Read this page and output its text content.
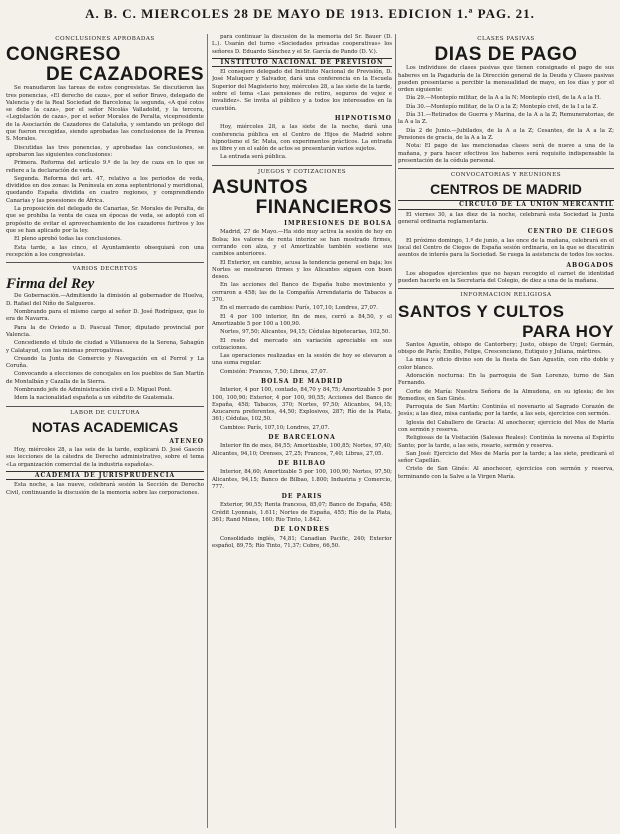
A. B. C. MIERCOLES 28 DE MAYO DE 1913. EDICION 1.ª PAG. 21.
CONCLUSIONES APROBADAS
CONGRESO
DE CAZADORES

Se reanudaron las tareas de estos congresistas. Se discutieron las tres ponencias, «El derecho de caza», por el señor Bravo, delegado de Valencia y de la Real Sociedad de Barcelona; la segunda, «A qué cotos se debe la caza», por el señor Nicolás Valladolid, y la tercera, «Legislación de caza», por el señor Morales de Peralta, vicepresidente de la Asociación de Cazadores de Cataluña, y sentando un prólogo del que fueron recogidas, siendo aprobadas las conclusiones de la Prensa S. Morales.

Discutidas las tres ponencias, y aprobadas las conclusiones, se aprobaron las siguientes conclusiones:

Primera. Reforma del artículo 9.º de la ley de caza en lo que se refiere a la declaración de veda.

Segunda. Reforma del art. 47, relativo a los periodos de veda, divididos en dos zonas: la Península en zona septentrional y meridional, quedando España dividida en cuatro regiones, y comprendiendo Canarias y las posesiones de África.

La proposición del delegado de Canarias, Sr. Morales de Peralta, de que se prohíba la venta de caza en épocas de veda, se adoptó con el propósito de evitar el aprovechamiento de los cazadores furtivos y los que se han aplicado por la ley.

El pleno aprobó todas las conclusiones.

Esta tarde, a las cinco, el Ayuntamiento obsequiará con una recepción a los congresistas.

VARIOS DECRETOS
Firma del Rey

De Gobernación.—Admitiendo la dimisión al gobernador de Huelva, D. Rafael del Niño de Salgueros.

Nombrando para el mismo cargo al señor D. José Rodríguez, que lo era de Navarra.

Para la de Oviedo a D. Pascual Tenor, diputado provincial por Valencia.

Concediendo el título de ciudad a Villanueva de la Serena, Sahagún y Calatayud, con las mismas prerrogativas.

Creando la Junta de Comercio y Navegación en el Ferrol y La Coruña.

Convocando a elecciones de concejales en los pueblos de San Martín de Montalbán y Cazalla de la Sierra.

Nombrando jefe de Administración civil a D. Miguel Pont.

Idem la nacionalidad española a un súbdito de Guatemala.

LABOR DE CULTURA
NOTAS ACADEMICAS
ATENEO

Hoy, miércoles 28, a las seis de la tarde, explicará D. José Gascón sus lecciones de la cátedra de Derecho administrativo, sobre el tema «La organización comercial de la industria española».

ACADEMIA DE JURISPRUDENCIA

Esta noche, a las nueve, celebrará sesión la Sección de Derecho Civil, continuando la discusión de la memoria sobre las corporaciones.

para continuar la discusión de la memoria del Sr. Bauer (D. L.). Usarán del turno «Sociedades privadas cooperativas» los señores D. Eduardo Sánchez y el Sr. García de Pando (D. V.).

INSTITUTO NACIONAL DE PREVISION

El consejero delegado del Instituto Nacional de Previsión, D. José Maluquer y Salvador, dará una conferencia en la Escuela Superior del Magisterio hoy, miércoles 28, a las siete de la tarde, sobre el tema «Las pensiones de retiro, seguros de vejez e invalidez». Se invita al público y a todos los interesados en la cuestión.

HIPNOTISMO

Hoy, miércoles 28, a las siete de la noche, dará una conferencia pública en el Centro de Hijos de Madrid sobre hipnotismo el Sr. Mata, con experimentos prácticos. La entrada es libre y en el salón de actos se presentarán varios sujetos.

La entrada será pública.

JUEGOS Y COTIZACIONES
ASUNTOS
FINANCIEROS
IMPRESIONES DE BOLSA

Madrid, 27 de Mayo.—Ha sido muy activa la sesión de hoy en Bolsa; los valores de renta interior se han mostrado firmes, cerrando con alza, y el Amortizable también sostiene sus cambios anteriores.

El Exterior, en cambio, acusa la tendencia general en baja; los Nortes se mostraron firmes y los Alicantes siguen con buen deseo.

En las acciones del Banco de España hubo movimiento y cerraron a 458; las de la Compañía Arrendataria de Tabacos a 370.

En el mercado de cambios: París, 107,10; Londres, 27,07.

El 4 por 100 interior, fin de mes, cerró a 84,50, y el Amortizable 5 por 100 a 100,90.

Nortes, 97,50; Alicantes, 94,15; Cédulas hipotecarias, 102,50.

El resto del mercado sin variación apreciable en sus cotizaciones.

Las operaciones realizadas en la sesión de hoy se elevaron a una suma regular.

Comisión: Francos, 7,50; Libras, 27,07.

BOLSA DE MADRID

Interior, 4 por 100, contado, 84,70 y 84,75; Amortizable 5 por 100, 100,90; Exterior, 4 por 100, 90,55; Acciones del Banco de España, 458; Tabacos, 370; Nortes, 97,50; Alicantes, 94,15; Azucarera preferentes, 44,50; Explosivos, 287; Río de la Plata, 361; Cédulas, 102,50.

Cambios: París, 107,10; Londres, 27,07.

DE BARCELONA

Interior fin de mes, 84,55; Amortizable, 100,85; Nortes, 97,40; Alicantes, 94,10; Orenses, 27,25; Francos, 7,40; Libras, 27,05.

DE BILBAO

Interior, 84,60; Amortizable 5 por 100, 100,90; Nortes, 97,50; Alicantes, 94,15; Banco de Bilbao, 1.800; Industria y Comercio, 777.

DE PARIS

Exterior, 90,55; Renta francesa, 85,07; Banco de España, 458; Crédit Lyonnais, 1.611; Nortes de España, 455; Río de la Plata, 361; Rand Mines, 160; Río Tinto, 1.842.

DE LONDRES

Consolidado inglés, 74,81; Canadian Pacific, 240; Exterior español, 89,75; Río Tinto, 71,37; Cobre, 66,50.

CLASES PASIVAS
DIAS DE PAGO

Los individuos de clases pasivas que tienen consignado el pago de sus haberes en la Pagaduría de la Dirección general de la Deuda y Clases pasivas pueden presentarse a percibir la mensualidad de mayo, en los días y por el orden siguiente:

Día 29.—Montepío militar, de la A a la N; Montepío civil, de la A a la H.

Día 30.—Montepío militar, de la O a la Z; Montepío civil, de la I a la Z.

Día 31.—Retirados de Guerra y Marina, de la A a la Z; Remuneratorias, de la A a la Z.

Día 2 de Junio.—Jubilados, de la A a la Z; Cesantes, de la A a la Z; Pensiones de gracia, de la A a la Z.

Nota: El pago de las mencionadas clases será de nueve a una de la mañana, y para hacer efectivos los haberes será requisito indispensable la presentación de la cédula personal.

CONVOCATORIAS Y REUNIONES
CENTROS DE MADRID
CIRCULO DE LA UNION MERCANTIL

El viernes 30, a las diez de la noche, celebrará esta Sociedad la Junta general ordinaria reglamentaria.

CENTRO DE CIEGOS

El próximo domingo, 1.º de junio, a las once de la mañana, celebrará en el local del Centro de Ciegos de España sesión ordinaria, en la que se discutirán asuntos de interés para la Sociedad. Se ruega la asistencia de todos los socios.

ABOGADOS

Los abogados ejercientes que no hayan recogido el carnet de identidad pueden hacerlo en la Secretaría del Colegio, de diez a una de la mañana.

INFORMACION RELIGIOSA
SANTOS Y CULTOS
PARA HOY

Santos Agustín, obispo de Cantorbery; Justo, obispo de Urgel; Germán, obispo de París; Emilio, Felipe, Crescenciano, Eutiquio y Juliana, mártires.

La misa y oficio divino son de la fiesta de San Agustín, con rito doble y color blanco.

Adoración nocturna: En la parroquia de San Lorenzo, turno de San Fernando.

Corte de María: Nuestra Señora de la Almudena, en su iglesia; de los Remedios, en San Ginés.

Parroquia de San Martín: Continúa el novenario al Sagrado Corazón de Jesús; a las diez, misa cantada; por la tarde, a las seis, ejercicios con sermón.

Iglesia del Caballero de Gracia: Al anochecer, ejercicio del Mes de María con sermón y reserva.

Religiosas de la Visitación (Salesas Reales): Continúa la novena al Espíritu Santo; por la tarde, a las seis, rosario, sermón y reserva.

San José: Ejercicio del Mes de María por la tarde; a las siete, predicará el señor Capellán.

Cristo de San Ginés: Al anochecer, ejercicios con sermón y reserva, terminando con la Salve a la Virgen María.
